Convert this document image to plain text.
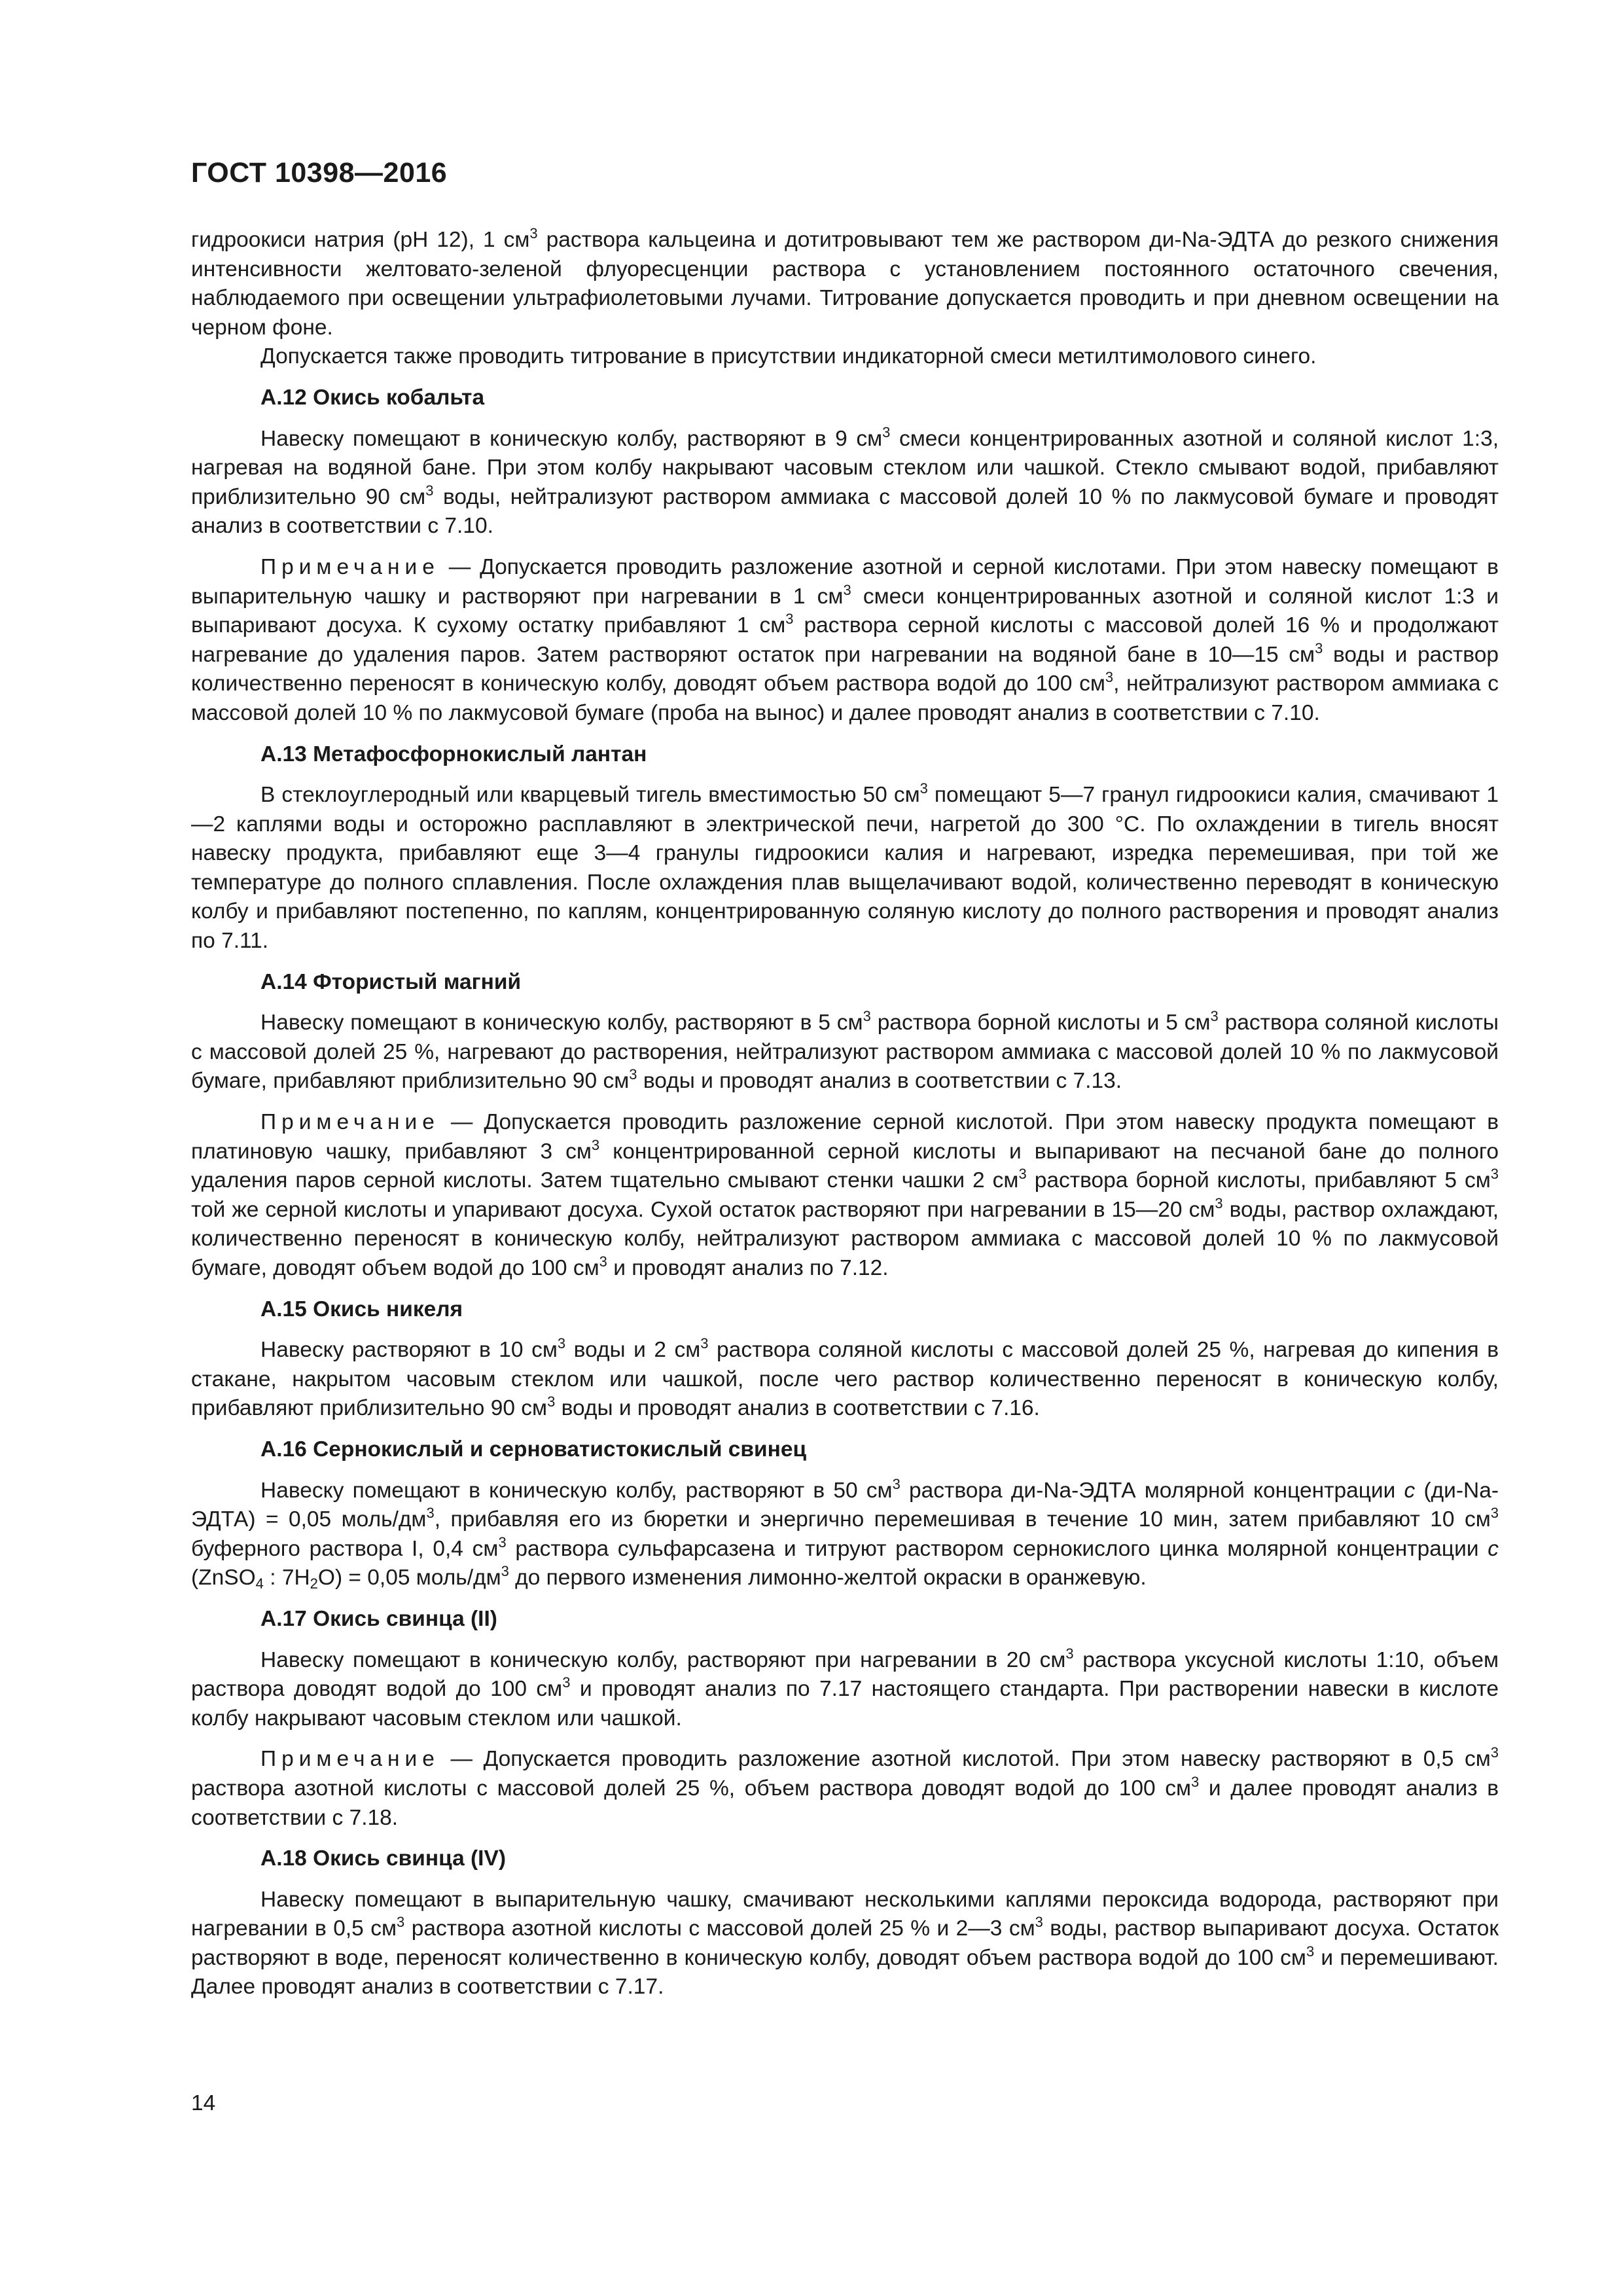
ГОСТ 10398—2016

гидроокиси натрия (pH 12), 1 $см^3$ раствора кальцеина и дотитровывают тем же раствором ди-Na-ЭДТА до резкого снижения интенсивности желтовато-зеленой флуоресценции раствора с установлением постоянного остаточного свечения, наблюдаемого при освещении ультрафиолетовыми лучами. Титрование допускается проводить и при дневном освещении на черном фоне.

Допускается также проводить титрование в присутствии индикаторной смеси метилтимолового синего.

А.12 Окись кобальта

Навеску помещают в коническую колбу, растворяют в 9 $см^3$ смеси концентрированных азотной и соляной кислот 1:3, нагревая на водяной бане. При этом колбу накрывают часовым стеклом или чашкой. Стекло смывают водой, прибавляют приблизительно 90 $см^3$ воды, нейтрализуют раствором аммиака с массовой долей 10 % по лакмусовой бумаге и проводят анализ в соответствии с 7.10.

Примечание — Допускается проводить разложение азотной и серной кислотами. При этом навеску помещают в выпарительную чашку и растворяют при нагревании в 1 $см^3$ смеси концентрированных азотной и соляной кислот 1:3 и выпаривают досуха. К сухому остатку прибавляют 1 $см^3$ раствора серной кислоты с массовой долей 16 % и продолжают нагревание до удаления паров. Затем растворяют остаток при нагревании на водяной бане в 10—15 $см^3$ воды и раствор количественно переносят в коническую колбу, доводят объем раствора водой до 100 $см^3$, нейтрализуют раствором аммиака с массовой долей 10 % по лакмусовой бумаге (проба на вынос) и далее проводят анализ в соответствии с 7.10.

А.13 Метафосфорнокислый лантан

В стеклоуглеродный или кварцевый тигель вместимостью 50 $см^3$ помещают 5—7 гранул гидроокиси калия, смачивают 1—2 каплями воды и осторожно расплавляют в электрической печи, нагретой до 300 °C. По охлаждении в тигель вносят навеску продукта, прибавляют еще 3—4 гранулы гидроокиси калия и нагревают, изредка перемешивая, при той же температуре до полного сплавления. После охлаждения плав выщелачивают водой, количественно переводят в коническую колбу и прибавляют постепенно, по каплям, концентрированную соляную кислоту до полного растворения и проводят анализ по 7.11.

А.14 Фтористый магний

Навеску помещают в коническую колбу, растворяют в 5 $см^3$ раствора борной кислоты и 5 $см^3$ раствора соляной кислоты с массовой долей 25 %, нагревают до растворения, нейтрализуют раствором аммиака с массовой долей 10 % по лакмусовой бумаге, прибавляют приблизительно 90 $см^3$ воды и проводят анализ в соответствии с 7.13.

Примечание — Допускается проводить разложение серной кислотой. При этом навеску продукта помещают в платиновую чашку, прибавляют 3 $см^3$ концентрированной серной кислоты и выпаривают на песчаной бане до полного удаления паров серной кислоты. Затем тщательно смывают стенки чашки 2 $см^3$ раствора борной кислоты, прибавляют 5 $см^3$ той же серной кислоты и упаривают досуха. Сухой остаток растворяют при нагревании в 15—20 $см^3$ воды, раствор охлаждают, количественно переносят в коническую колбу, нейтрализуют раствором аммиака с массовой долей 10 % по лакмусовой бумаге, доводят объем водой до 100 $см^3$ и проводят анализ по 7.12.

А.15 Окись никеля

Навеску растворяют в 10 $см^3$ воды и 2 $см^3$ раствора соляной кислоты с массовой долей 25 %, нагревая до кипения в стакане, накрытом часовым стеклом или чашкой, после чего раствор количественно переносят в коническую колбу, прибавляют приблизительно 90 $см^3$ воды и проводят анализ в соответствии с 7.16.

А.16 Сернокислый и серноватистокислый свинец

Навеску помещают в коническую колбу, растворяют в 50 $см^3$ раствора ди-Na-ЭДТА молярной концентрации c (ди-Na-ЭДТА) = 0,05 моль/$дм^3$, прибавляя его из бюретки и энергично перемешивая в течение 10 мин, затем прибавляют 10 $см^3$ буферного раствора I, 0,4 $см^3$ раствора сульфарсазена и титруют раствором сернокислого цинка молярной концентрации c (ZnSO$_4$ : $7H_2O) = 0,05$ моль/$дм^3$ до первого изменения лимонно-желтой окраски в оранжевую.

А.17 Окись свинца (II)

Навеску помещают в коническую колбу, растворяют при нагревании в 20 $см^3$ раствора уксусной кислоты 1:10, объем раствора доводят водой до 100 $см^3$ и проводят анализ по 7.17 настоящего стандарта. При растворении навески в кислоте колбу накрывают часовым стеклом или чашкой.

Примечание — Допускается проводить разложение азотной кислотой. При этом навеску растворяют в 0,5 $см^3$ раствора азотной кислоты с массовой долей 25 %, объем раствора доводят водой до 100 $см^3$ и далее проводят анализ в соответствии с 7.18.

А.18 Окись свинца (IV)

Навеску помещают в выпарительную чашку, смачивают несколькими каплями пероксида водорода, растворяют при нагревании в 0,5 $см^3$ раствора азотной кислоты с массовой долей 25 % и 2—3 $см^3$ воды, раствор выпаривают досуха. Остаток растворяют в воде, переносят количественно в коническую колбу, доводят объем раствора водой до 100 $см^3$ и перемешивают. Далее проводят анализ в соответствии с 7.17.

14
